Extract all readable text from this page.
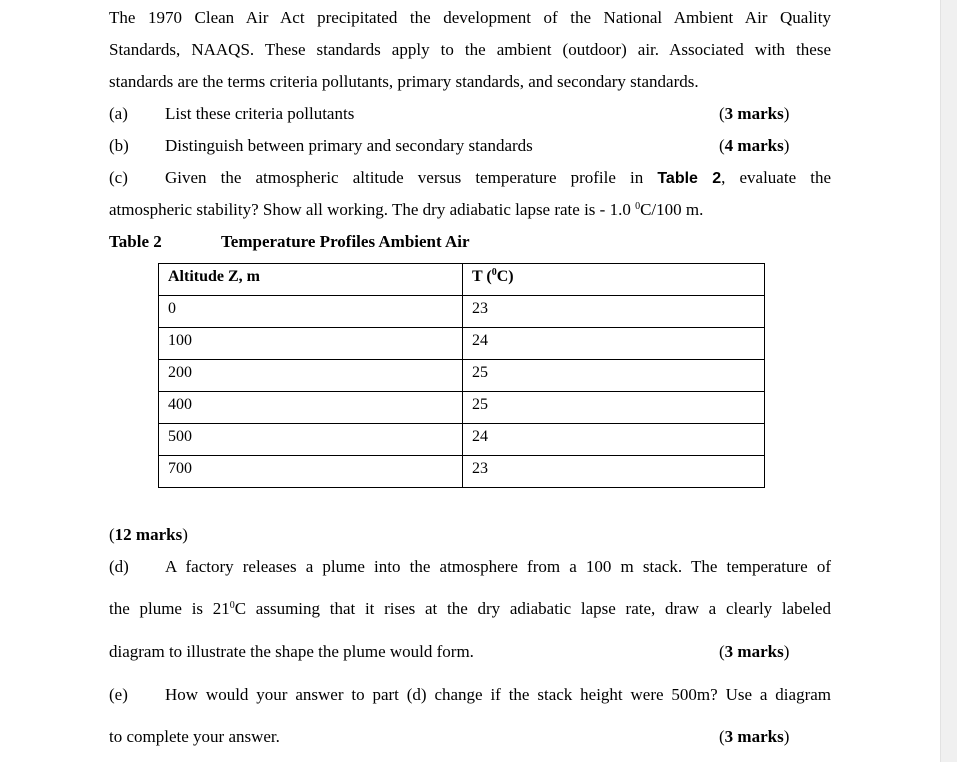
The 1970 Clean Air Act precipitated the development of the National Ambient Air Quality
Standards, NAAQS. These standards apply to the ambient (outdoor) air. Associated with these
standards are the terms criteria pollutants, primary standards, and secondary standards.
(a) List these criteria pollutants	(3 marks)
(b) Distinguish between primary and secondary standards	(4 marks)
(c) Given the atmospheric altitude versus temperature profile in Table 2, evaluate the
atmospheric stability? Show all working. The dry adiabatic lapse rate is - 1.0 $^0$C/100 m.
Table 2	Temperature Profiles Ambient Air
Altitude Z, m	T ($^0$C)
0	23
100	24
200	25
400	25
500	24
700	23
(12 marks)
(d) A factory releases a plume into the atmosphere from a 100 m stack. The temperature of
the plume is $21^0C$ assuming that it rises at the dry adiabatic lapse rate, draw a clearly labeled
diagram to illustrate the shape the plume would form.	(3 marks)
(e) How would your answer to part (d) change if the stack height were 500m? Use a diagram
to complete your answer.	(3 marks)
